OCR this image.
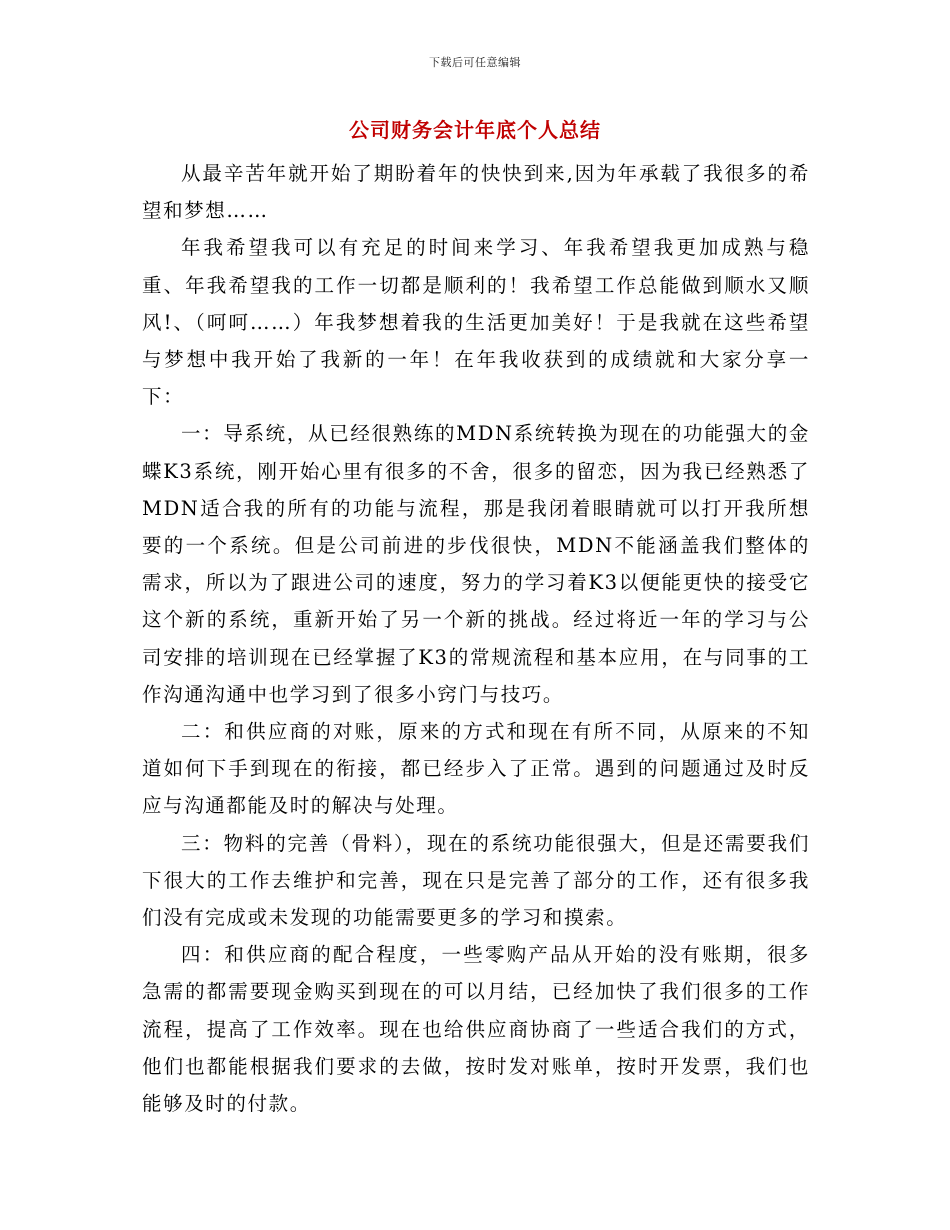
下载后可任意编辑
公司财务会计年底个人总结

从最辛苦年就开始了期盼着年的快快到来,因为年承载了我很多的希望和梦想……

年我希望我可以有充足的时间来学习、年我希望我更加成熟与稳重、年我希望我的工作一切都是顺利的！我希望工作总能做到顺水又顺风!、（呵呵……）年我梦想着我的生活更加美好！于是我就在这些希望与梦想中我开始了我新的一年！在年我收获到的成绩就和大家分享一下：

一：导系统，从已经很熟练的MDN系统转换为现在的功能强大的金蝶K3系统，刚开始心里有很多的不舍，很多的留恋，因为我已经熟悉了MDN适合我的所有的功能与流程，那是我闭着眼睛就可以打开我所想要的一个系统。但是公司前进的步伐很快，MDN不能涵盖我们整体的需求，所以为了跟进公司的速度，努力的学习着K3以便能更快的接受它这个新的系统，重新开始了另一个新的挑战。经过将近一年的学习与公司安排的培训现在已经掌握了K3的常规流程和基本应用，在与同事的工作沟通沟通中也学习到了很多小窍门与技巧。

二：和供应商的对账，原来的方式和现在有所不同，从原来的不知道如何下手到现在的衔接，都已经步入了正常。遇到的问题通过及时反应与沟通都能及时的解决与处理。

三：物料的完善（骨料），现在的系统功能很强大，但是还需要我们下很大的工作去维护和完善，现在只是完善了部分的工作，还有很多我们没有完成或未发现的功能需要更多的学习和摸索。

四：和供应商的配合程度，一些零购产品从开始的没有账期，很多急需的都需要现金购买到现在的可以月结，已经加快了我们很多的工作流程，提高了工作效率。现在也给供应商协商了一些适合我们的方式，他们也都能根据我们要求的去做，按时发对账单，按时开发票，我们也能够及时的付款。
